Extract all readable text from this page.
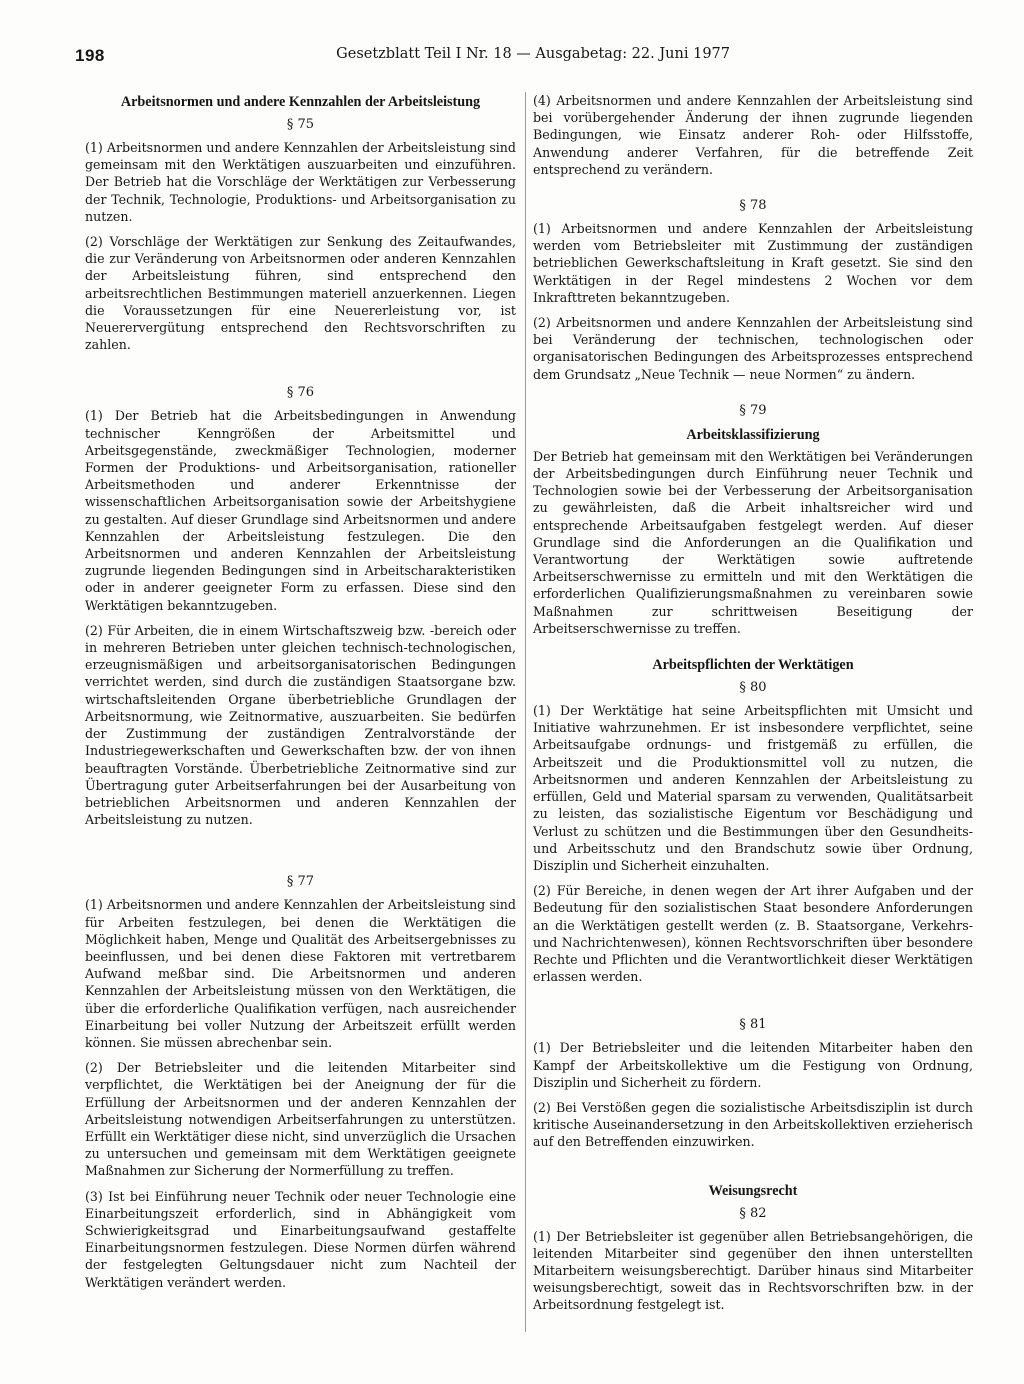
198	Gesetzblatt Teil I Nr. 18 — Ausgabetag: 22. Juni 1977
Arbeitsnormen und andere Kennzahlen der Arbeitsleistung
§ 75

(1) Arbeitsnormen und andere Kennzahlen der Arbeitsleistung sind gemeinsam mit den Werktätigen auszuarbeiten und einzuführen. Der Betrieb hat die Vorschläge der Werktätigen zur Verbesserung der Technik, Technologie, Produktions- und Arbeitsorganisation zu nutzen.

(2) Vorschläge der Werktätigen zur Senkung des Zeitaufwandes, die zur Veränderung von Arbeitsnormen oder anderen Kennzahlen der Arbeitsleistung führen, sind entsprechend den arbeitsrechtlichen Bestimmungen materiell anzuerkennen. Liegen die Voraussetzungen für eine Neuererleistung vor, ist Neuerervergütung entsprechend den Rechtsvorschriften zu zahlen.

§ 76

(1) Der Betrieb hat die Arbeitsbedingungen in Anwendung technischer Kenngrößen der Arbeitsmittel und Arbeitsgegenstände, zweckmäßiger Technologien, moderner Formen der Produktions- und Arbeitsorganisation, rationeller Arbeitsmethoden und anderer Erkenntnisse der wissenschaftlichen Arbeitsorganisation sowie der Arbeitshygiene zu gestalten. Auf dieser Grundlage sind Arbeitsnormen und andere Kennzahlen der Arbeitsleistung festzulegen. Die den Arbeitsnormen und anderen Kennzahlen der Arbeitsleistung zugrunde liegenden Bedingungen sind in Arbeitscharakteristiken oder in anderer geeigneter Form zu erfassen. Diese sind den Werktätigen bekanntzugeben.

(2) Für Arbeiten, die in einem Wirtschaftszweig bzw. -bereich oder in mehreren Betrieben unter gleichen technisch-technologischen, erzeugnismäßigen und arbeitsorganisatorischen Bedingungen verrichtet werden, sind durch die zuständigen Staatsorgane bzw. wirtschaftsleitenden Organe überbetriebliche Grundlagen der Arbeitsnormung, wie Zeitnormative, auszuarbeiten. Sie bedürfen der Zustimmung der zuständigen Zentralvorstände der Industriegewerkschaften und Gewerkschaften bzw. der von ihnen beauftragten Vorstände. Überbetriebliche Zeitnormative sind zur Übertragung guter Arbeitserfahrungen bei der Ausarbeitung von betrieblichen Arbeitsnormen und anderen Kennzahlen der Arbeitsleistung zu nutzen.

§ 77

(1) Arbeitsnormen und andere Kennzahlen der Arbeitsleistung sind für Arbeiten festzulegen, bei denen die Werktätigen die Möglichkeit haben, Menge und Qualität des Arbeitsergebnisses zu beeinflussen, und bei denen diese Faktoren mit vertretbarem Aufwand meßbar sind. Die Arbeitsnormen und anderen Kennzahlen der Arbeitsleistung müssen von den Werktätigen, die über die erforderliche Qualifikation verfügen, nach ausreichender Einarbeitung bei voller Nutzung der Arbeitszeit erfüllt werden können. Sie müssen abrechenbar sein.

(2) Der Betriebsleiter und die leitenden Mitarbeiter sind verpflichtet, die Werktätigen bei der Aneignung der für die Erfüllung der Arbeitsnormen und der anderen Kennzahlen der Arbeitsleistung notwendigen Arbeitserfahrungen zu unterstützen. Erfüllt ein Werktätiger diese nicht, sind unverzüglich die Ursachen zu untersuchen und gemeinsam mit dem Werktätigen geeignete Maßnahmen zur Sicherung der Normerfüllung zu treffen.

(3) Ist bei Einführung neuer Technik oder neuer Technologie eine Einarbeitungszeit erforderlich, sind in Abhängigkeit vom Schwierigkeitsgrad und Einarbeitungsaufwand gestaffelte Einarbeitungsnormen festzulegen. Diese Normen dürfen während der festgelegten Geltungsdauer nicht zum Nachteil der Werktätigen verändert werden.

(4) Arbeitsnormen und andere Kennzahlen der Arbeitsleistung sind bei vorübergehender Änderung der ihnen zugrunde liegenden Bedingungen, wie Einsatz anderer Roh- oder Hilfsstoffe, Anwendung anderer Verfahren, für die betreffende Zeit entsprechend zu verändern.

§ 78

(1) Arbeitsnormen und andere Kennzahlen der Arbeitsleistung werden vom Betriebsleiter mit Zustimmung der zuständigen betrieblichen Gewerkschaftsleitung in Kraft gesetzt. Sie sind den Werktätigen in der Regel mindestens 2 Wochen vor dem Inkrafttreten bekanntzugeben.

(2) Arbeitsnormen und andere Kennzahlen der Arbeitsleistung sind bei Veränderung der technischen, technologischen oder organisatorischen Bedingungen des Arbeitsprozesses entsprechend dem Grundsatz „Neue Technik — neue Normen“ zu ändern.

§ 79
Arbeitsklassifizierung

Der Betrieb hat gemeinsam mit den Werktätigen bei Veränderungen der Arbeitsbedingungen durch Einführung neuer Technik und Technologien sowie bei der Verbesserung der Arbeitsorganisation zu gewährleisten, daß die Arbeit inhaltsreicher wird und entsprechende Arbeitsaufgaben festgelegt werden. Auf dieser Grundlage sind die Anforderungen an die Qualifikation und Verantwortung der Werktätigen sowie auftretende Arbeitserschwernisse zu ermitteln und mit den Werktätigen die erforderlichen Qualifizierungsmaßnahmen zu vereinbaren sowie Maßnahmen zur schrittweisen Beseitigung der Arbeitserschwernisse zu treffen.

Arbeitspflichten der Werktätigen
§ 80

(1) Der Werktätige hat seine Arbeitspflichten mit Umsicht und Initiative wahrzunehmen. Er ist insbesondere verpflichtet, seine Arbeitsaufgabe ordnungs- und fristgemäß zu erfüllen, die Arbeitszeit und die Produktionsmittel voll zu nutzen, die Arbeitsnormen und anderen Kennzahlen der Arbeitsleistung zu erfüllen, Geld und Material sparsam zu verwenden, Qualitätsarbeit zu leisten, das sozialistische Eigentum vor Beschädigung und Verlust zu schützen und die Bestimmungen über den Gesundheits- und Arbeitsschutz und den Brandschutz sowie über Ordnung, Disziplin und Sicherheit einzuhalten.

(2) Für Bereiche, in denen wegen der Art ihrer Aufgaben und der Bedeutung für den sozialistischen Staat besondere Anforderungen an die Werktätigen gestellt werden (z. B. Staatsorgane, Verkehrs- und Nachrichtenwesen), können Rechtsvorschriften über besondere Rechte und Pflichten und die Verantwortlichkeit dieser Werktätigen erlassen werden.

§ 81

(1) Der Betriebsleiter und die leitenden Mitarbeiter haben den Kampf der Arbeitskollektive um die Festigung von Ordnung, Disziplin und Sicherheit zu fördern.

(2) Bei Verstößen gegen die sozialistische Arbeitsdisziplin ist durch kritische Auseinandersetzung in den Arbeitskollektiven erzieherisch auf den Betreffenden einzuwirken.

Weisungsrecht
§ 82

(1) Der Betriebsleiter ist gegenüber allen Betriebsangehörigen, die leitenden Mitarbeiter sind gegenüber den ihnen unterstellten Mitarbeitern weisungsberechtigt. Darüber hinaus sind Mitarbeiter weisungsberechtigt, soweit das in Rechtsvorschriften bzw. in der Arbeitsordnung festgelegt ist.
